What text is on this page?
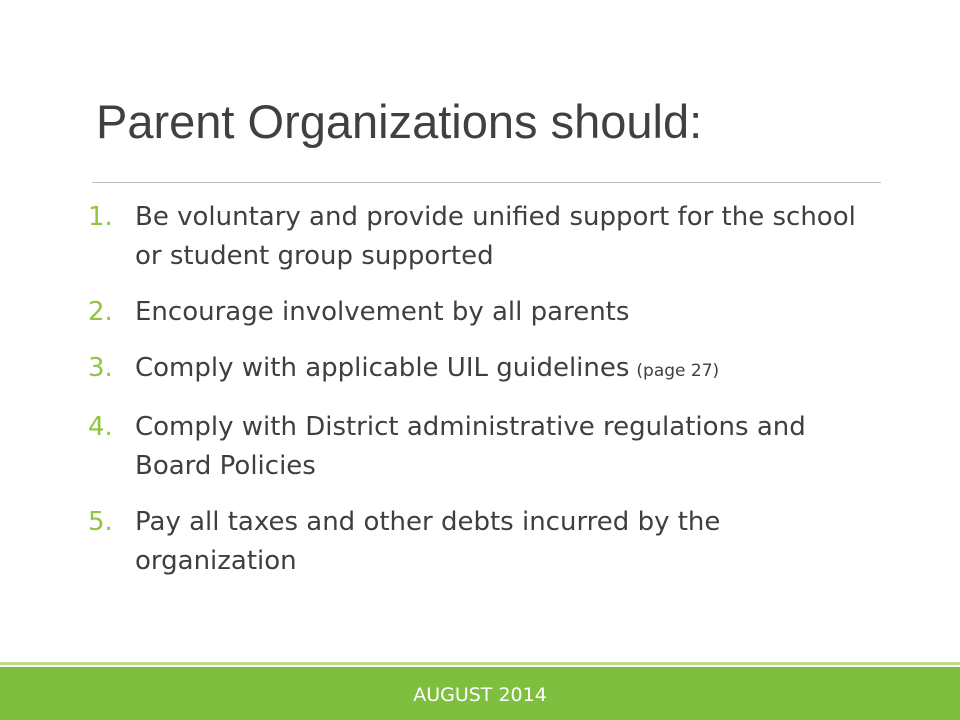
Parent Organizations should:
1. Be voluntary and provide unified support for the school or student group supported
2. Encourage involvement by all parents
3. Comply with applicable UIL guidelines (page 27)
4. Comply with District administrative regulations and Board Policies
5. Pay all taxes and other debts incurred by the organization
AUGUST 2014
